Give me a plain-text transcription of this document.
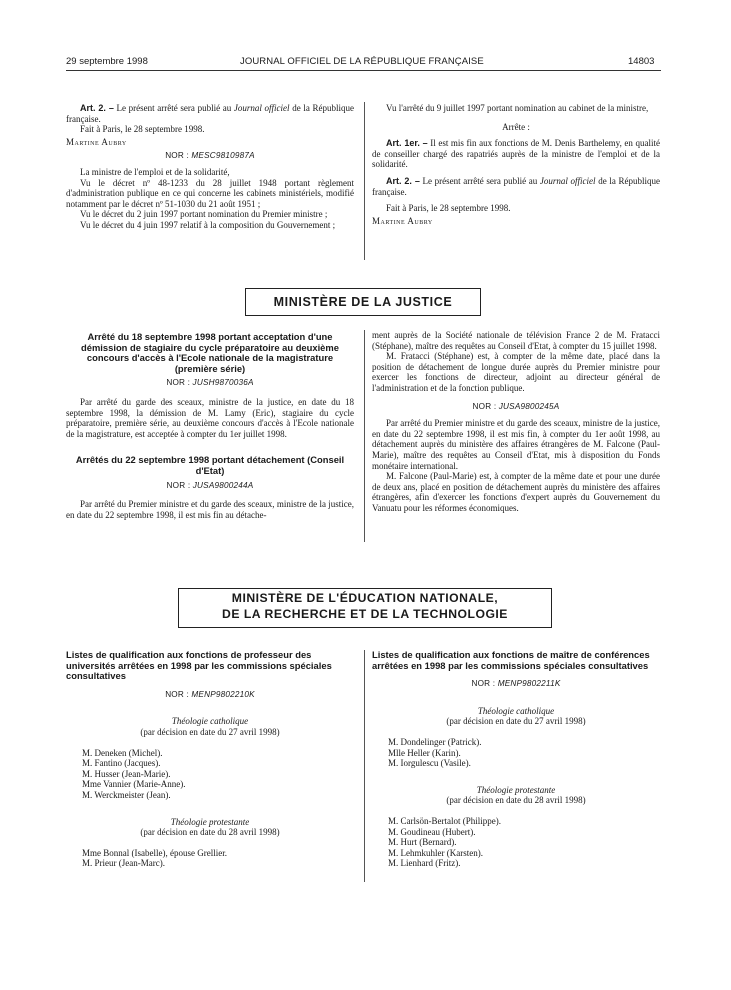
29 septembre 1998	JOURNAL OFFICIEL DE LA RÉPUBLIQUE FRANÇAISE	14803

Art. 2. – Le présent arrêté sera publié au Journal officiel de la République française.

Fait à Paris, le 28 septembre 1998.

Martine Aubry

NOR : MESC9810987A

La ministre de l'emploi et de la solidarité,

Vu le décret nº 48-1233 du 28 juillet 1948 portant règlement d'administration publique en ce qui concerne les cabinets ministériels, modifié notamment par le décret nº 51-1030 du 21 août 1951 ;

Vu le décret du 2 juin 1997 portant nomination du Premier ministre ;

Vu le décret du 4 juin 1997 relatif à la composition du Gouvernement ;

Vu l'arrêté du 9 juillet 1997 portant nomination au cabinet de la ministre,

Arrête :

Art. 1er. – Il est mis fin aux fonctions de M. Denis Barthelemy, en qualité de conseiller chargé des rapatriés auprès de la ministre de l'emploi et de la solidarité.

Art. 2. – Le présent arrêté sera publié au Journal officiel de la République française.

Fait à Paris, le 28 septembre 1998.

Martine Aubry

MINISTÈRE DE LA JUSTICE

Arrêté du 18 septembre 1998 portant acceptation d'une démission de stagiaire du cycle préparatoire au deuxième concours d'accès à l'Ecole nationale de la magistrature (première série)

NOR : JUSH9870036A

Par arrêté du garde des sceaux, ministre de la justice, en date du 18 septembre 1998, la démission de M. Lamy (Eric), stagiaire du cycle préparatoire, première série, au deuxième concours d'accès à l'Ecole nationale de la magistrature, est acceptée à compter du 1er juillet 1998.

Arrêtés du 22 septembre 1998 portant détachement (Conseil d'Etat)

NOR : JUSA9800244A

Par arrêté du Premier ministre et du garde des sceaux, ministre de la justice, en date du 22 septembre 1998, il est mis fin au détache-

ment auprès de la Société nationale de télévision France 2 de M. Fratacci (Stéphane), maître des requêtes au Conseil d'Etat, à compter du 15 juillet 1998.

M. Fratacci (Stéphane) est, à compter de la même date, placé dans la position de détachement de longue durée auprès du Premier ministre pour exercer les fonctions de directeur, adjoint au directeur général de l'administration et de la fonction publique.

NOR : JUSA9800245A

Par arrêté du Premier ministre et du garde des sceaux, ministre de la justice, en date du 22 septembre 1998, il est mis fin, à compter du 1er août 1998, au détachement auprès du ministère des affaires étrangères de M. Falcone (Paul-Marie), maître des requêtes au Conseil d'Etat, mis à disposition du Fonds monétaire international.

M. Falcone (Paul-Marie) est, à compter de la même date et pour une durée de deux ans, placé en position de détachement auprès du ministère des affaires étrangères, afin d'exercer les fonctions d'expert auprès du Gouvernement du Vanuatu pour les réformes économiques.

MINISTÈRE DE L'ÉDUCATION NATIONALE,
DE LA RECHERCHE ET DE LA TECHNOLOGIE

Listes de qualification aux fonctions de professeur des universités arrêtées en 1998 par les commissions spéciales consultatives

NOR : MENP9802210K

Théologie catholique

(par décision en date du 27 avril 1998)

M. Deneken (Michel).

M. Fantino (Jacques).

M. Husser (Jean-Marie).

Mme Vannier (Marie-Anne).

M. Werckmeister (Jean).

Théologie protestante

(par décision en date du 28 avril 1998)

Mme Bonnal (Isabelle), épouse Grellier.

M. Prieur (Jean-Marc).

Listes de qualification aux fonctions de maître de conférences arrêtées en 1998 par les commissions spéciales consultatives

NOR : MENP9802211K

Théologie catholique

(par décision en date du 27 avril 1998)

M. Dondelinger (Patrick).

Mlle Heller (Karin).

M. Iorgulescu (Vasile).

Théologie protestante

(par décision en date du 28 avril 1998)

M. Carlsön-Bertalot (Philippe).

M. Goudineau (Hubert).

M. Hurt (Bernard).

M. Lehmkuhler (Karsten).

M. Lienhard (Fritz).
